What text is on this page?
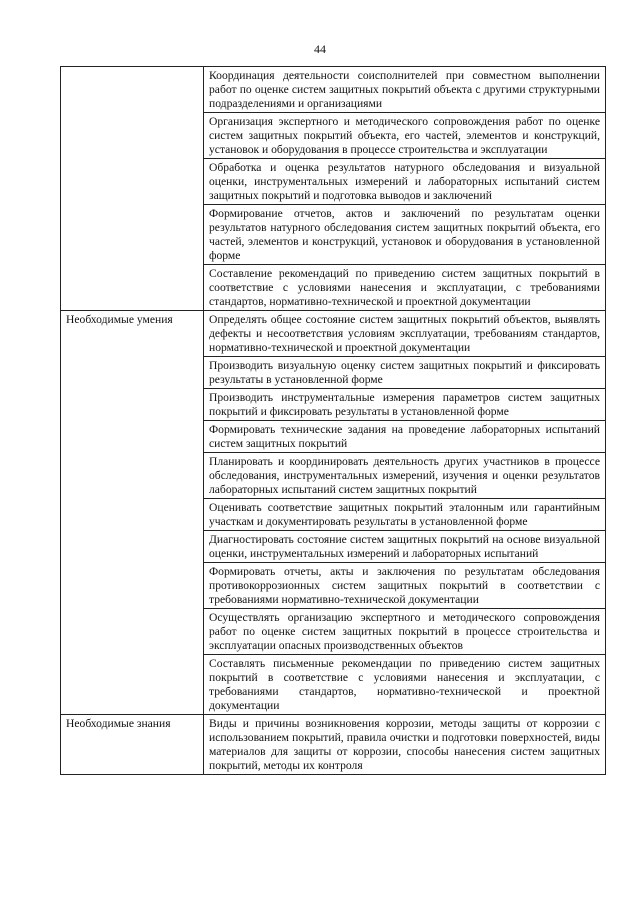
44
	Координация деятельности соисполнителей при совместном выполнении работ по оценке систем защитных покрытий объекта с другими структурными подразделениями и организациями
	Организация экспертного и методического сопровождения работ по оценке систем защитных покрытий объекта, его частей, элементов и конструкций, установок и оборудования в процессе строительства и эксплуатации
	Обработка и оценка результатов натурного обследования и визуальной оценки, инструментальных измерений и лабораторных испытаний систем защитных покрытий и подготовка выводов и заключений
	Формирование отчетов, актов и заключений по результатам оценки результатов натурного обследования систем защитных покрытий объекта, его частей, элементов и конструкций, установок и оборудования в установленной форме
	Составление рекомендаций по приведению систем защитных покрытий в соответствие с условиями нанесения и эксплуатации, с требованиями стандартов, нормативно-технической и проектной документации
Необходимые умения	Определять общее состояние систем защитных покрытий объектов, выявлять дефекты и несоответствия условиям эксплуатации, требованиям стандартов, нормативно-технической и проектной документации
	Производить визуальную оценку систем защитных покрытий и фиксировать результаты в установленной форме
	Производить инструментальные измерения параметров систем защитных покрытий и фиксировать результаты в установленной форме
	Формировать технические задания на проведение лабораторных испытаний систем защитных покрытий
	Планировать и координировать деятельность других участников в процессе обследования, инструментальных измерений, изучения и оценки результатов лабораторных испытаний систем защитных покрытий
	Оценивать соответствие защитных покрытий эталонным или гарантийным участкам и документировать результаты в установленной форме
	Диагностировать состояние систем защитных покрытий на основе визуальной оценки, инструментальных измерений и лабораторных испытаний
	Формировать отчеты, акты и заключения по результатам обследования противокоррозионных систем защитных покрытий в соответствии с требованиями нормативно-технической документации
	Осуществлять организацию экспертного и методического сопровождения работ по оценке систем защитных покрытий в процессе строительства и эксплуатации опасных производственных объектов
	Составлять письменные рекомендации по приведению систем защитных покрытий в соответствие с условиями нанесения и эксплуатации, с требованиями стандартов, нормативно-технической и проектной документации
Необходимые знания	Виды и причины возникновения коррозии, методы защиты от коррозии с использованием покрытий, правила очистки и подготовки поверхностей, виды материалов для защиты от коррозии, способы нанесения систем защитных покрытий, методы их контроля
